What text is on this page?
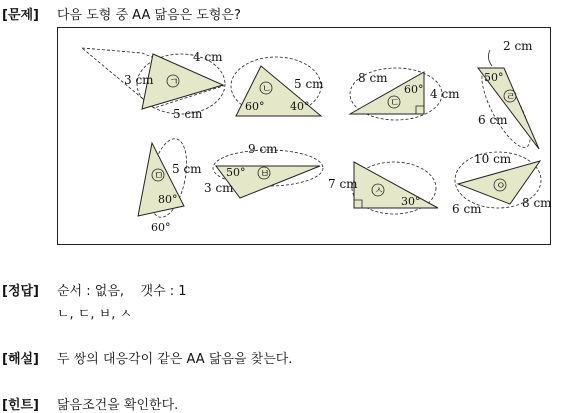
[문제] 다음 도형 중 AA 닮음은 도형은?
ㄱ
4 cm
3 cm
5 cm
ㄴ 5 cm
60° 40°	ㄷ
8 cm
60° 4 cm	ㄹ
2 cm
50°
6 cm
ㅁ
5 cm
80°
60°
ㅂ
9 cm
50°
3 cm	ㅅ
7 cm
30°
ㅇ
10 cm
6 cm	8 cm
[정답] 순서 : 없음,    갯수 : 1
ㄴ, ㄷ, ㅂ, ㅅ
[해설] 두 쌍의 대응각이 같은 AA 닮음을 찾는다.
[힌트] 닮음조건을 확인한다.
